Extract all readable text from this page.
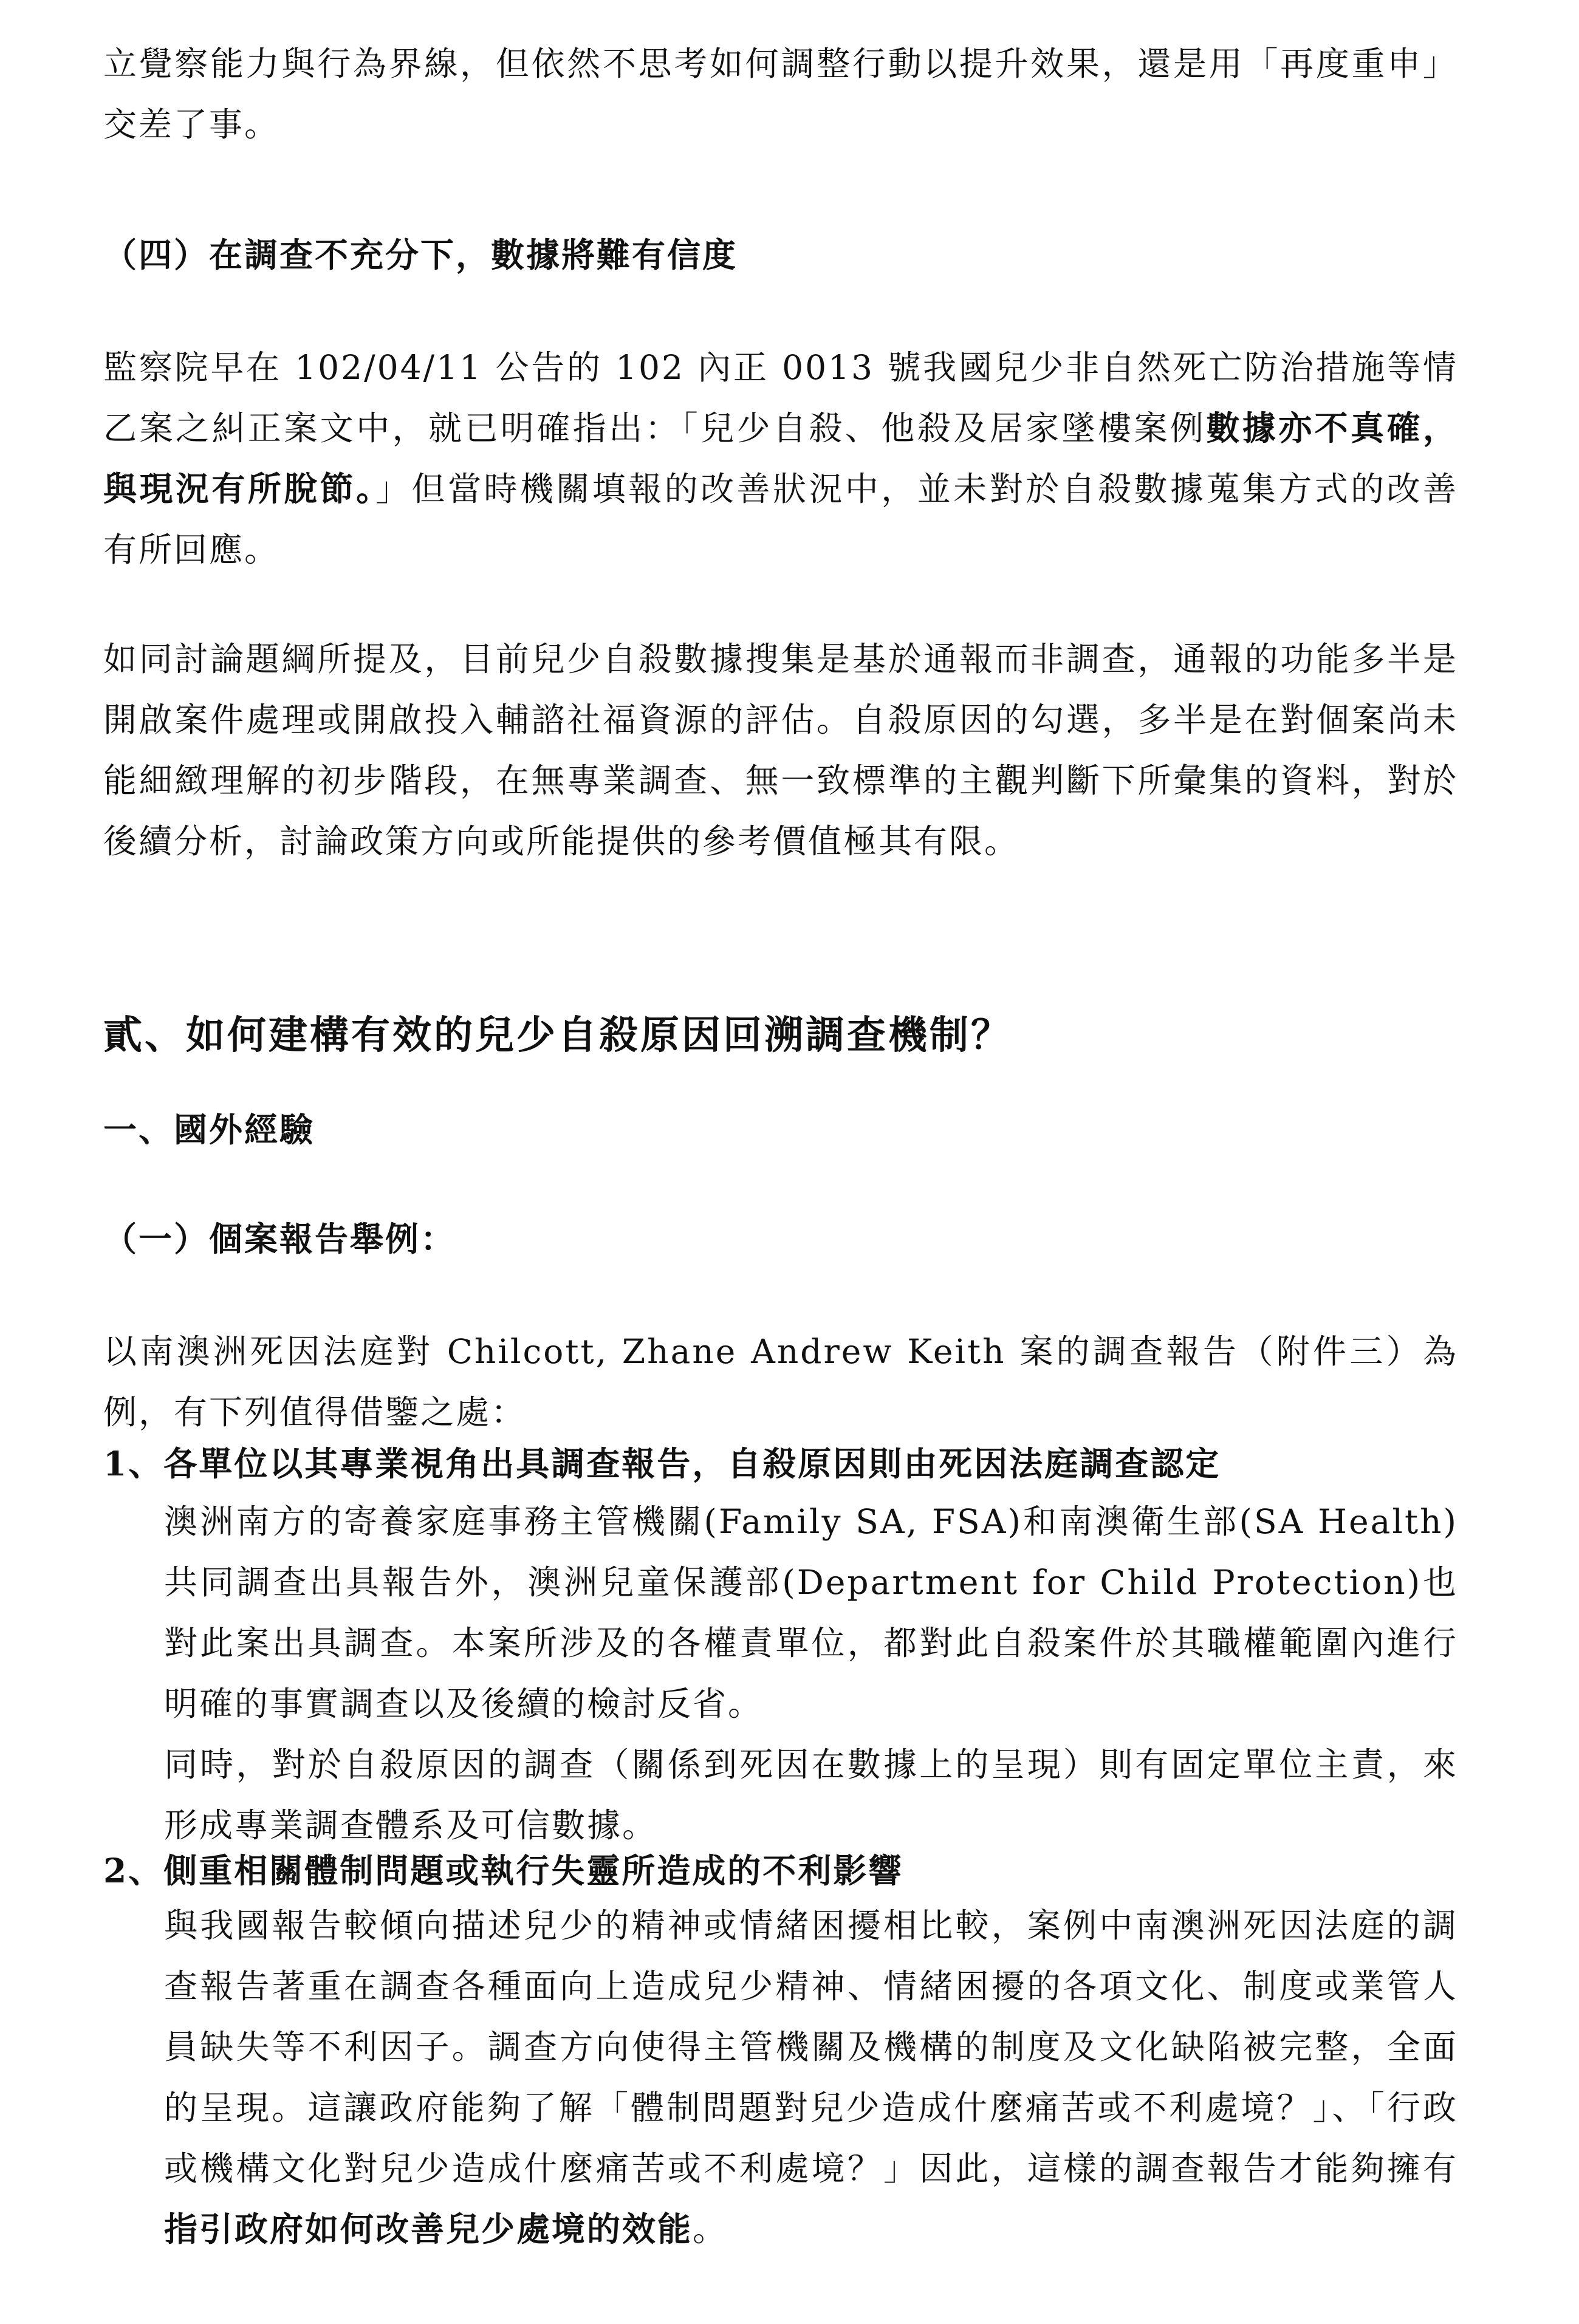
立覺察能力與行為界線，但依然不思考如何調整行動以提升效果，還是用「再度重申」交差了事。

（四）在調查不充分下，數據將難有信度

監察院早在 102/04/11 公告的 102 內正 0013 號我國兒少非自然死亡防治措施等情乙案之糾正案文中，就已明確指出：「兒少自殺、他殺及居家墜樓案例數據亦不真確，與現況有所脫節。」但當時機關填報的改善狀況中，並未對於自殺數據蒐集方式的改善有所回應。

如同討論題綱所提及，目前兒少自殺數據搜集是基於通報而非調查，通報的功能多半是開啟案件處理或開啟投入輔諮社福資源的評估。自殺原因的勾選，多半是在對個案尚未能細緻理解的初步階段，在無專業調查、無一致標準的主觀判斷下所彙集的資料，對於後續分析，討論政策方向或所能提供的參考價值極其有限。

貳、如何建構有效的兒少自殺原因回溯調查機制？
一、國外經驗
（一）個案報告舉例：

以南澳洲死因法庭對 Chilcott, Zhane Andrew Keith 案的調查報告（附件三）為例，有下列值得借鑒之處：

1、各單位以其專業視角出具調查報告，自殺原因則由死因法庭調查認定

澳洲南方的寄養家庭事務主管機關(Family SA, FSA)和南澳衛生部(SA Health)共同調查出具報告外，澳洲兒童保護部(Department for Child Protection)也對此案出具調查。本案所涉及的各權責單位，都對此自殺案件於其職權範圍內進行明確的事實調查以及後續的檢討反省。
同時，對於自殺原因的調查（關係到死因在數據上的呈現）則有固定單位主責，來形成專業調查體系及可信數據。

2、側重相關體制問題或執行失靈所造成的不利影響

與我國報告較傾向描述兒少的精神或情緒困擾相比較，案例中南澳洲死因法庭的調查報告著重在調查各種面向上造成兒少精神、情緒困擾的各項文化、制度或業管人員缺失等不利因子。調查方向使得主管機關及機構的制度及文化缺陷被完整，全面的呈現。這讓政府能夠了解「體制問題對兒少造成什麼痛苦或不利處境？」、「行政或機構文化對兒少造成什麼痛苦或不利處境？」因此，這樣的調查報告才能夠擁有指引政府如何改善兒少處境的效能。
